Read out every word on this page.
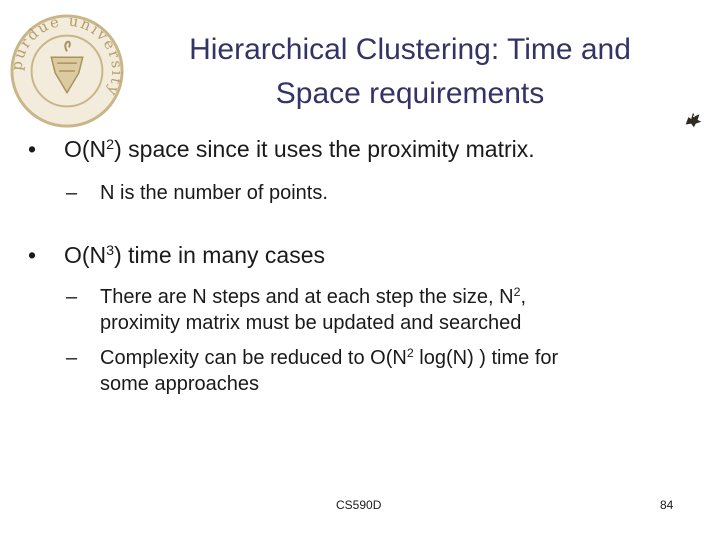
purdue university
Hierarchical Clustering: Time and
Space requirements
• $O(N^2)$ space since it uses the proximity matrix.
– N is the number of points.
• $O(N^3)$ time in many cases
– There are N steps and at each step the size, $N^2$,
proximity matrix must be updated and searched
– Complexity can be reduced to $O(N^2$ log(N) ) time for
some approaches
CS590D	84
